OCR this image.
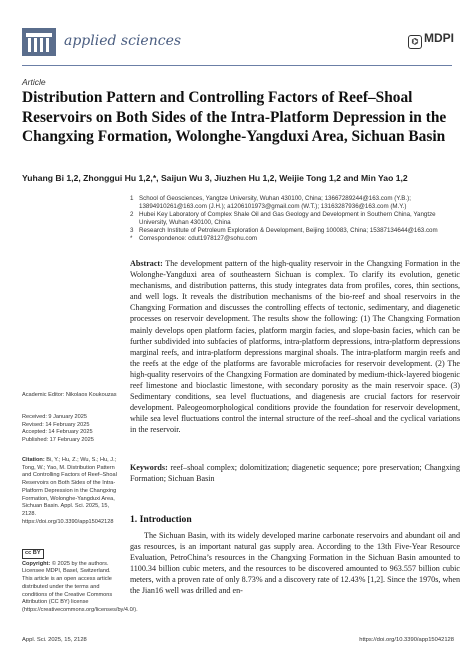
applied sciences	⌬ MDPI
Article
Distribution Pattern and Controlling Factors of Reef–Shoal Reservoirs on Both Sides of the Intra-Platform Depression in the Changxing Formation, Wolonghe-Yangduxi Area, Sichuan Basin
Yuhang Bi 1,2, Zhonggui Hu 1,2,*, Saijun Wu 3, Jiuzhen Hu 1,2, Weijie Tong 1,2 and Min Yao 1,2
1 School of Geosciences, Yangtze University, Wuhan 430100, China; 13667289244@163.com (Y.B.); 13894910261@163.com (J.H.); a1206101973@gmail.com (W.T.); 13163287936@163.com (M.Y.)
2 Hubei Key Laboratory of Complex Shale Oil and Gas Geology and Development in Southern China, Yangtze University, Wuhan 430100, China
3 Research Institute of Petroleum Exploration & Development, Beijing 100083, China; 15387134644@163.com
*	Correspondence: cdut1978127@sohu.com
Abstract: The development pattern of the high-quality reservoir in the Changxing Formation in the Wolonghe-Yangduxi area of southeastern Sichuan is complex. To clarify its evolution, genetic mechanisms, and distribution patterns, this study integrates data from profiles, cores, thin sections, and well logs. It reveals the distribution mechanisms of the bio-reef and shoal reservoirs in the Changxing Formation and discusses the controlling effects of tectonic, sedimentary, and diagenetic processes on reservoir development. The results show the following: (1) The Changxing Formation mainly develops open platform facies, platform margin facies, and slope-basin facies, which can be further subdivided into subfacies of platforms, intra-platform depressions, intra-platform depressions marginal reefs, and intra-platform depressions marginal shoals. The intra-platform margin reefs and the reefs at the edge of the platforms are favorable microfacies for reservoir development. (2) The high-quality reservoirs of the Changxing Formation are dominated by medium-thick-layered biogenic reef limestone and bioclastic limestone, with secondary porosity as the main reservoir space. (3) Sedimentary conditions, sea level fluctuations, and diagenesis are crucial factors for reservoir development. Paleogeomorphological conditions provide the foundation for reservoir development, while sea level fluctuations control the internal structure of the reef–shoal and the cyclical variations in the reservoir.
Keywords: reef–shoal complex; dolomitization; diagenetic sequence; pore preservation; Changxing Formation; Sichuan Basin
Academic Editor: Nikolaos Koukouzas
Received: 9 January 2025
Revised: 14 February 2025
Accepted: 14 February 2025
Published: 17 February 2025
Citation: Bi, Y.; Hu, Z.; Wu, S.; Hu, J.; Tong, W.; Yao, M. Distribution Pattern and Controlling Factors of Reef–Shoal Reservoirs on Both Sides of the Intra-Platform Depression in the Changxing Formation, Wolonghe-Yangduxi Area, Sichuan Basin. Appl. Sci. 2025, 15, 2128. https://doi.org/10.3390/app15042128
cc BY
Copyright: © 2025 by the authors. Licensee MDPI, Basel, Switzerland. This article is an open access article distributed under the terms and conditions of the Creative Commons Attribution (CC BY) license (https://creativecommons.org/licenses/by/4.0/).
1. Introduction
The Sichuan Basin, with its widely developed marine carbonate reservoirs and abundant oil and gas resources, is an important natural gas supply area. According to the 13th Five-Year Resource Evaluation, PetroChina’s resources in the Changxing Formation in the Sichuan Basin amounted to 1100.34 billion cubic meters, and the resources to be discovered amounted to 963.557 billion cubic meters, with a proven rate of only 8.73% and a discovery rate of 12.43% [1,2]. Since the 1970s, when the Jian16 well was drilled and en-
Appl. Sci. 2025, 15, 2128	https://doi.org/10.3390/app15042128
